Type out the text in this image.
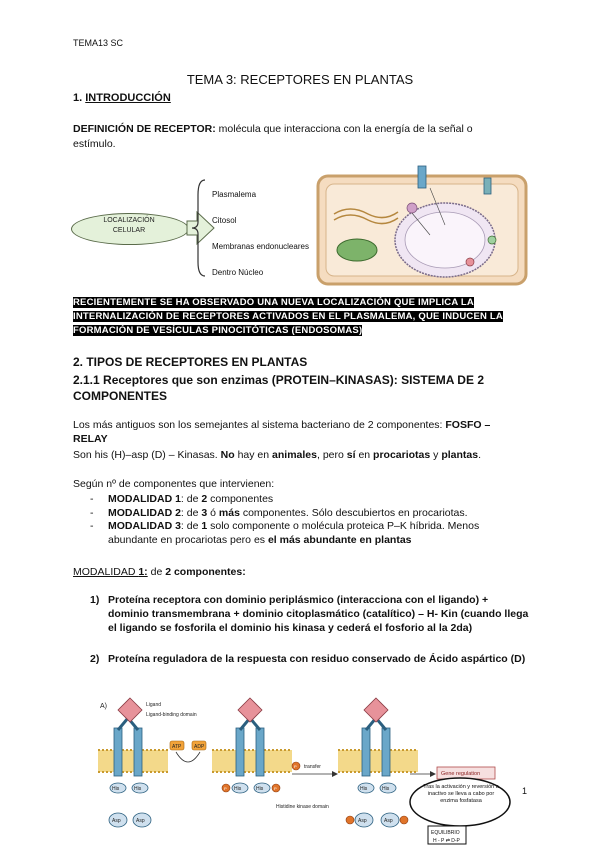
TEMA13 SC
TEMA 3: RECEPTORES EN PLANTAS
1. INTRODUCCIÓN
DEFINICIÓN DE RECEPTOR: molécula que interacciona con la energía de la señal o estímulo.
LOCALIZACIÓN
CELULAR
Plasmalema
Citosol
Membranas endonucleares
Dentro Núcleo
RECIENTEMENTE SE HA OBSERVADO UNA NUEVA LOCALIZACIÓN QUE IMPLICA LA INTERNALIZACIÓN DE RECEPTORES ACTIVADOS EN EL PLASMALEMA, QUE INDUCEN LA FORMACIÓN DE VESÍCULAS PINOCITÓTICAS (ENDOSOMAS)
2. TIPOS DE RECEPTORES EN PLANTAS
2.1.1 Receptores que son enzimas (PROTEIN–KINASAS): SISTEMA DE 2 COMPONENTES
Los más antiguos son los semejantes al sistema bacteriano de 2 componentes: FOSFO – RELAY
Son his (H)–asp (D) – Kinasas. No hay en animales, pero sí en procariotas y plantas.
Según nº de componentes que intervienen:
- MODALIDAD 1: de 2 componentes
- MODALIDAD 2: de 3 ó más componentes. Sólo descubiertos en procariotas.
- MODALIDAD 3: de 1 solo componente o molécula proteica P–K híbrida. Menos abundante en procariotas pero es el más abundante en plantas
MODALIDAD 1: de 2 componentes:
1) Proteína receptora con dominio periplásmico (interacciona con el ligando) + dominio transmembrana + dominio citoplasmático (catalítico) – H- Kin (cuando llega el ligando se fosforila el dominio his kinasa y cederá el fosforio al la 2da)
2) Proteína reguladora de la respuesta con residuo conservado de Ácido aspártico (D)
A)	Ligand
Ligand-binding domain
His	His
Asp	Asp
ATP	ADP
His	His
P	P
Histidine kinase domain
P transfer
His	His
Asp	Asp
Gene regulation
Tras la activación y reversión a inactivo se lleva a cabo por enzima fosfatasa
EQUILIBRIO
H - P ⇄ D-P
1
